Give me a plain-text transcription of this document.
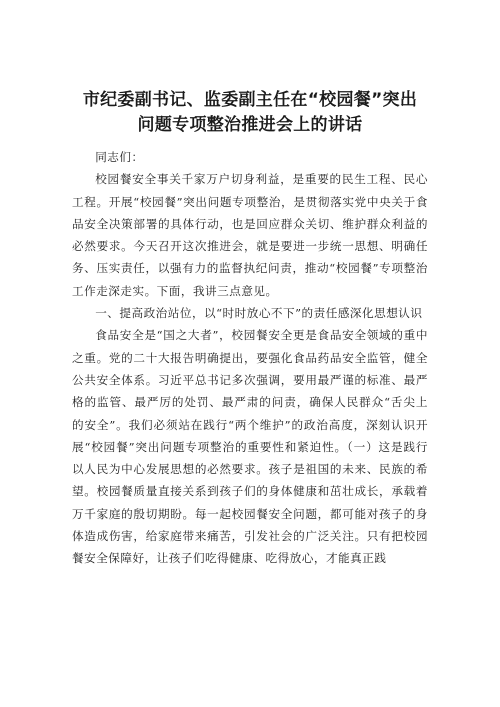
市纪委副书记、监委副主任在“校园餐”突出
问题专项整治推进会上的讲话

同志们：

校园餐安全事关千家万户切身利益，是重要的民生工程、民心工程。开展“校园餐”突出问题专项整治，是贯彻落实党中央关于食品安全决策部署的具体行动，也是回应群众关切、维护群众利益的必然要求。今天召开这次推进会，就是要进一步统一思想、明确任务、压实责任，以强有力的监督执纪问责，推动“校园餐”专项整治工作走深走实。下面，我讲三点意见。

一、提高政治站位，以“时时放心不下”的责任感深化思想认识

食品安全是“国之大者”，校园餐安全更是食品安全领域的重中之重。党的二十大报告明确提出，要强化食品药品安全监管，健全公共安全体系。习近平总书记多次强调，要用最严谨的标准、最严格的监管、最严厉的处罚、最严肃的问责，确保人民群众“舌尖上的安全”。我们必须站在践行“两个维护”的政治高度，深刻认识开展“校园餐”突出问题专项整治的重要性和紧迫性。（一）这是践行以人民为中心发展思想的必然要求。孩子是祖国的未来、民族的希望。校园餐质量直接关系到孩子们的身体健康和茁壮成长，承载着万千家庭的殷切期盼。每一起校园餐安全问题，都可能对孩子的身体造成伤害，给家庭带来痛苦，引发社会的广泛关注。只有把校园餐安全保障好，让孩子们吃得健康、吃得放心，才能真正践
